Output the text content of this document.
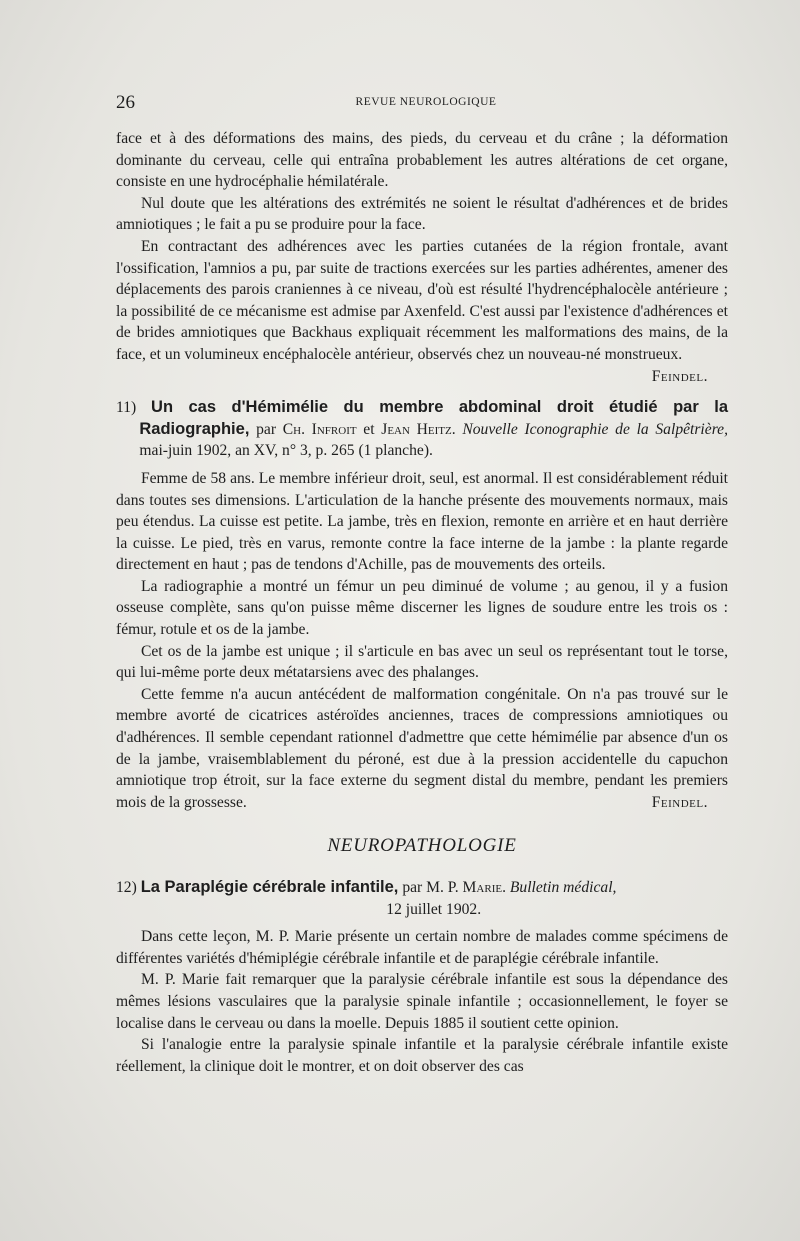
26	REVUE NEUROLOGIQUE

face et à des déformations des mains, des pieds, du cerveau et du crâne ; la déformation dominante du cerveau, celle qui entraîna probablement les autres altérations de cet organe, consiste en une hydrocéphalie hémilatérale.

Nul doute que les altérations des extrémités ne soient le résultat d'adhérences et de brides amniotiques ; le fait a pu se produire pour la face.

En contractant des adhérences avec les parties cutanées de la région frontale, avant l'ossification, l'amnios a pu, par suite de tractions exercées sur les parties adhérentes, amener des déplacements des parois craniennes à ce niveau, d'où est résulté l'hydrencéphalocèle antérieure ; la possibilité de ce mécanisme est admise par Axenfeld. C'est aussi par l'existence d'adhérences et de brides amniotiques que Backhaus expliquait récemment les malformations des mains, de la face, et un volumineux encéphalocèle antérieur, observés chez un nouveau-né monstrueux.
Feindel.

11) Un cas d'Hémimélie du membre abdominal droit étudié par la Radiographie, par Ch. Infroit et Jean Heitz. Nouvelle Iconographie de la Salpêtrière, mai-juin 1902, an XV, n° 3, p. 265 (1 planche).

Femme de 58 ans. Le membre inférieur droit, seul, est anormal. Il est considérablement réduit dans toutes ses dimensions. L'articulation de la hanche présente des mouvements normaux, mais peu étendus. La cuisse est petite. La jambe, très en flexion, remonte en arrière et en haut derrière la cuisse. Le pied, très en varus, remonte contre la face interne de la jambe : la plante regarde directement en haut ; pas de tendons d'Achille, pas de mouvements des orteils.

La radiographie a montré un fémur un peu diminué de volume ; au genou, il y a fusion osseuse complète, sans qu'on puisse même discerner les lignes de soudure entre les trois os : fémur, rotule et os de la jambe.

Cet os de la jambe est unique ; il s'articule en bas avec un seul os représentant tout le torse, qui lui-même porte deux métatarsiens avec des phalanges.

Cette femme n'a aucun antécédent de malformation congénitale. On n'a pas trouvé sur le membre avorté de cicatrices astéroïdes anciennes, traces de compressions amniotiques ou d'adhérences. Il semble cependant rationnel d'admettre que cette hémimélie par absence d'un os de la jambe, vraisemblablement du péroné, est due à la pression accidentelle du capuchon amniotique trop étroit, sur la face externe du segment distal du membre, pendant les premiers mois de la grossesse.	Feindel.

NEUROPATHOLOGIE

12) La Paraplégie cérébrale infantile, par M. P. Marie. Bulletin médical,

12 juillet 1902.

Dans cette leçon, M. P. Marie présente un certain nombre de malades comme spécimens de différentes variétés d'hémiplégie cérébrale infantile et de paraplégie cérébrale infantile.

M. P. Marie fait remarquer que la paralysie cérébrale infantile est sous la dépendance des mêmes lésions vasculaires que la paralysie spinale infantile ; occasionnellement, le foyer se localise dans le cerveau ou dans la moelle. Depuis 1885 il soutient cette opinion.

Si l'analogie entre la paralysie spinale infantile et la paralysie cérébrale infantile existe réellement, la clinique doit le montrer, et on doit observer des cas
